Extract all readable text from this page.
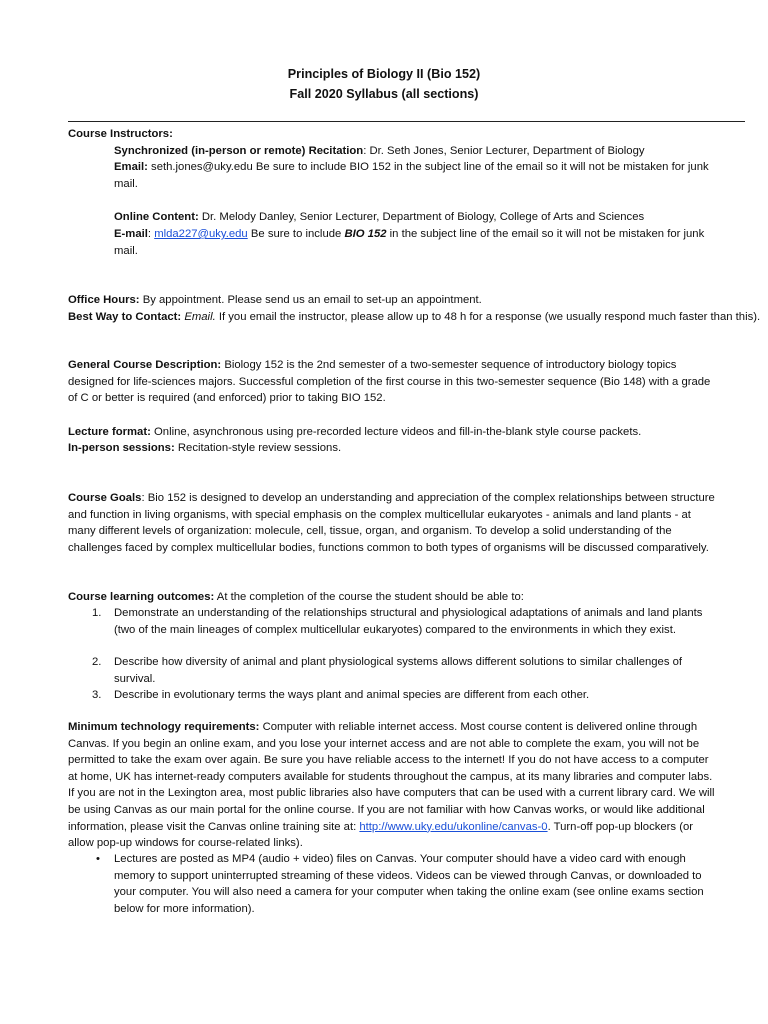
Principles of Biology II (Bio 152)
Fall 2020 Syllabus (all sections)

Course Instructors:

Synchronized (in-person or remote) Recitation: Dr. Seth Jones, Senior Lecturer, Department of Biology

Email: seth.jones@uky.edu Be sure to include BIO 152 in the subject line of the email so it will not be mistaken for junk mail.

Online Content: Dr. Melody Danley, Senior Lecturer, Department of Biology, College of Arts and Sciences

E-mail: mlda227@uky.edu Be sure to include BIO 152 in the subject line of the email so it will not be mistaken for junk mail.

Office Hours: By appointment. Please send us an email to set-up an appointment.

Best Way to Contact: Email. If you email the instructor, please allow up to 48 h for a response (we usually respond much faster than this).

General Course Description: Biology 152 is the 2nd semester of a two-semester sequence of introductory biology topics designed for life-sciences majors. Successful completion of the first course in this two-semester sequence (Bio 148) with a grade of C or better is required (and enforced) prior to taking BIO 152.

Lecture format: Online, asynchronous using pre-recorded lecture videos and fill-in-the-blank style course packets.

In-person sessions: Recitation-style review sessions.

Course Goals: Bio 152 is designed to develop an understanding and appreciation of the complex relationships between structure and function in living organisms, with special emphasis on the complex multicellular eukaryotes - animals and land plants - at many different levels of organization: molecule, cell, tissue, organ, and organism. To develop a solid understanding of the challenges faced by complex multicellular bodies, functions common to both types of organisms will be discussed comparatively.

Course learning outcomes: At the completion of the course the student should be able to:

1.	Demonstrate an understanding of the relationships structural and physiological adaptations of animals and land plants (two of the main lineages of complex multicellular eukaryotes) compared to the environments in which they exist.
2.	Describe how diversity of animal and plant physiological systems allows different solutions to similar challenges of survival.
3.	Describe in evolutionary terms the ways plant and animal species are different from each other.

Minimum technology requirements: Computer with reliable internet access. Most course content is delivered online through Canvas. If you begin an online exam, and you lose your internet access and are not able to complete the exam, you will not be permitted to take the exam over again. Be sure you have reliable access to the internet! If you do not have access to a computer at home, UK has internet-ready computers available for students throughout the campus, at its many libraries and computer labs. If you are not in the Lexington area, most public libraries also have computers that can be used with a current library card. We will be using Canvas as our main portal for the online course. If you are not familiar with how Canvas works, or would like additional information, please visit the Canvas online training site at: http://www.uky.edu/ukonline/canvas-0. Turn-off pop-up blockers (or allow pop-up windows for course-related links).

•	Lectures are posted as MP4 (audio + video) files on Canvas. Your computer should have a video card with enough memory to support uninterrupted streaming of these videos. Videos can be viewed through Canvas, or downloaded to your computer. You will also need a camera for your computer when taking the online exam (see online exams section below for more information).
